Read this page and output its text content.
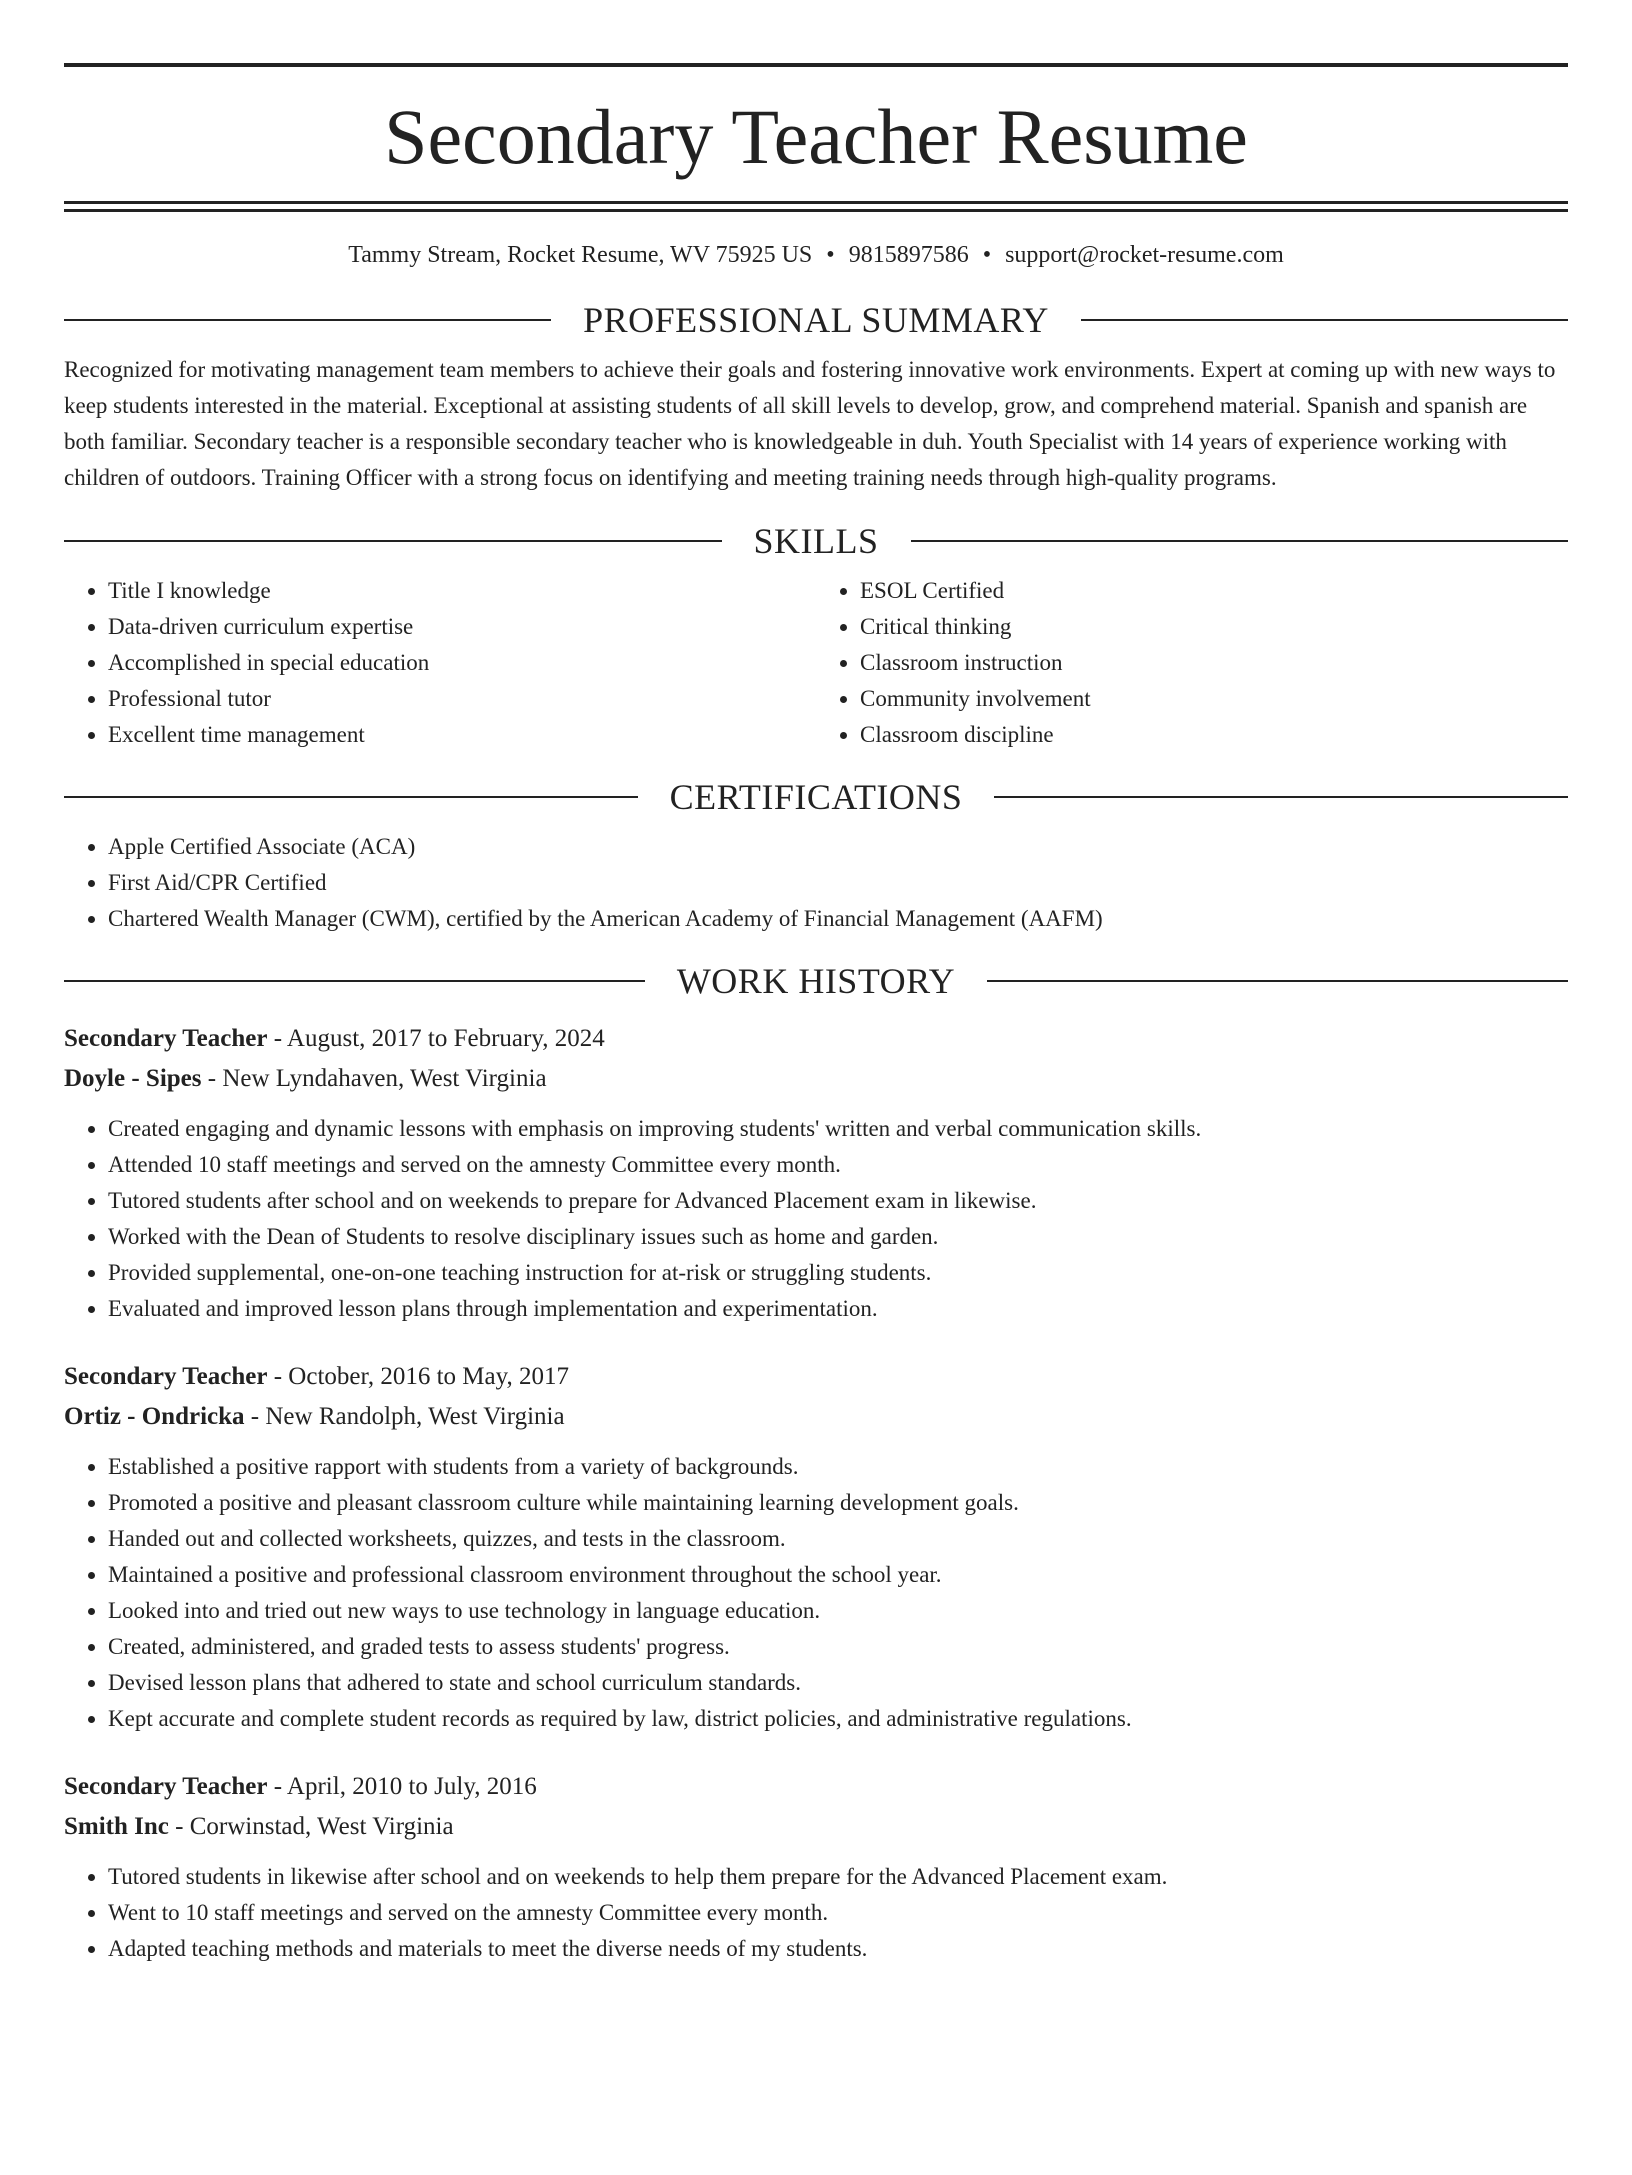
Secondary Teacher Resume
Tammy Stream, Rocket Resume, WV 75925 US • 9815897586 • support@rocket-resume.com
PROFESSIONAL SUMMARY

Recognized for motivating management team members to achieve their goals and fostering innovative work environments. Expert at coming up with new ways to keep students interested in the material. Exceptional at assisting students of all skill levels to develop, grow, and comprehend material. Spanish and spanish are both familiar. Secondary teacher is a responsible secondary teacher who is knowledgeable in duh. Youth Specialist with 14 years of experience working with children of outdoors. Training Officer with a strong focus on identifying and meeting training needs through high-quality programs.

SKILLS
• Title I knowledge
• Data-driven curriculum expertise
• Accomplished in special education
• Professional tutor
• Excellent time management
• ESOL Certified
• Critical thinking
• Classroom instruction
• Community involvement
• Classroom discipline
CERTIFICATIONS
• Apple Certified Associate (ACA)
• First Aid/CPR Certified
• Chartered Wealth Manager (CWM), certified by the American Academy of Financial Management (AAFM)
WORK HISTORY
Secondary Teacher - August, 2017 to February, 2024
Doyle - Sipes - New Lyndahaven, West Virginia
• Created engaging and dynamic lessons with emphasis on improving students' written and verbal communication skills.
• Attended 10 staff meetings and served on the amnesty Committee every month.
• Tutored students after school and on weekends to prepare for Advanced Placement exam in likewise.
• Worked with the Dean of Students to resolve disciplinary issues such as home and garden.
• Provided supplemental, one-on-one teaching instruction for at-risk or struggling students.
• Evaluated and improved lesson plans through implementation and experimentation.
Secondary Teacher - October, 2016 to May, 2017
Ortiz - Ondricka - New Randolph, West Virginia
• Established a positive rapport with students from a variety of backgrounds.
• Promoted a positive and pleasant classroom culture while maintaining learning development goals.
• Handed out and collected worksheets, quizzes, and tests in the classroom.
• Maintained a positive and professional classroom environment throughout the school year.
• Looked into and tried out new ways to use technology in language education.
• Created, administered, and graded tests to assess students' progress.
• Devised lesson plans that adhered to state and school curriculum standards.
• Kept accurate and complete student records as required by law, district policies, and administrative regulations.
Secondary Teacher - April, 2010 to July, 2016
Smith Inc - Corwinstad, West Virginia
• Tutored students in likewise after school and on weekends to help them prepare for the Advanced Placement exam.
• Went to 10 staff meetings and served on the amnesty Committee every month.
• Adapted teaching methods and materials to meet the diverse needs of my students.
